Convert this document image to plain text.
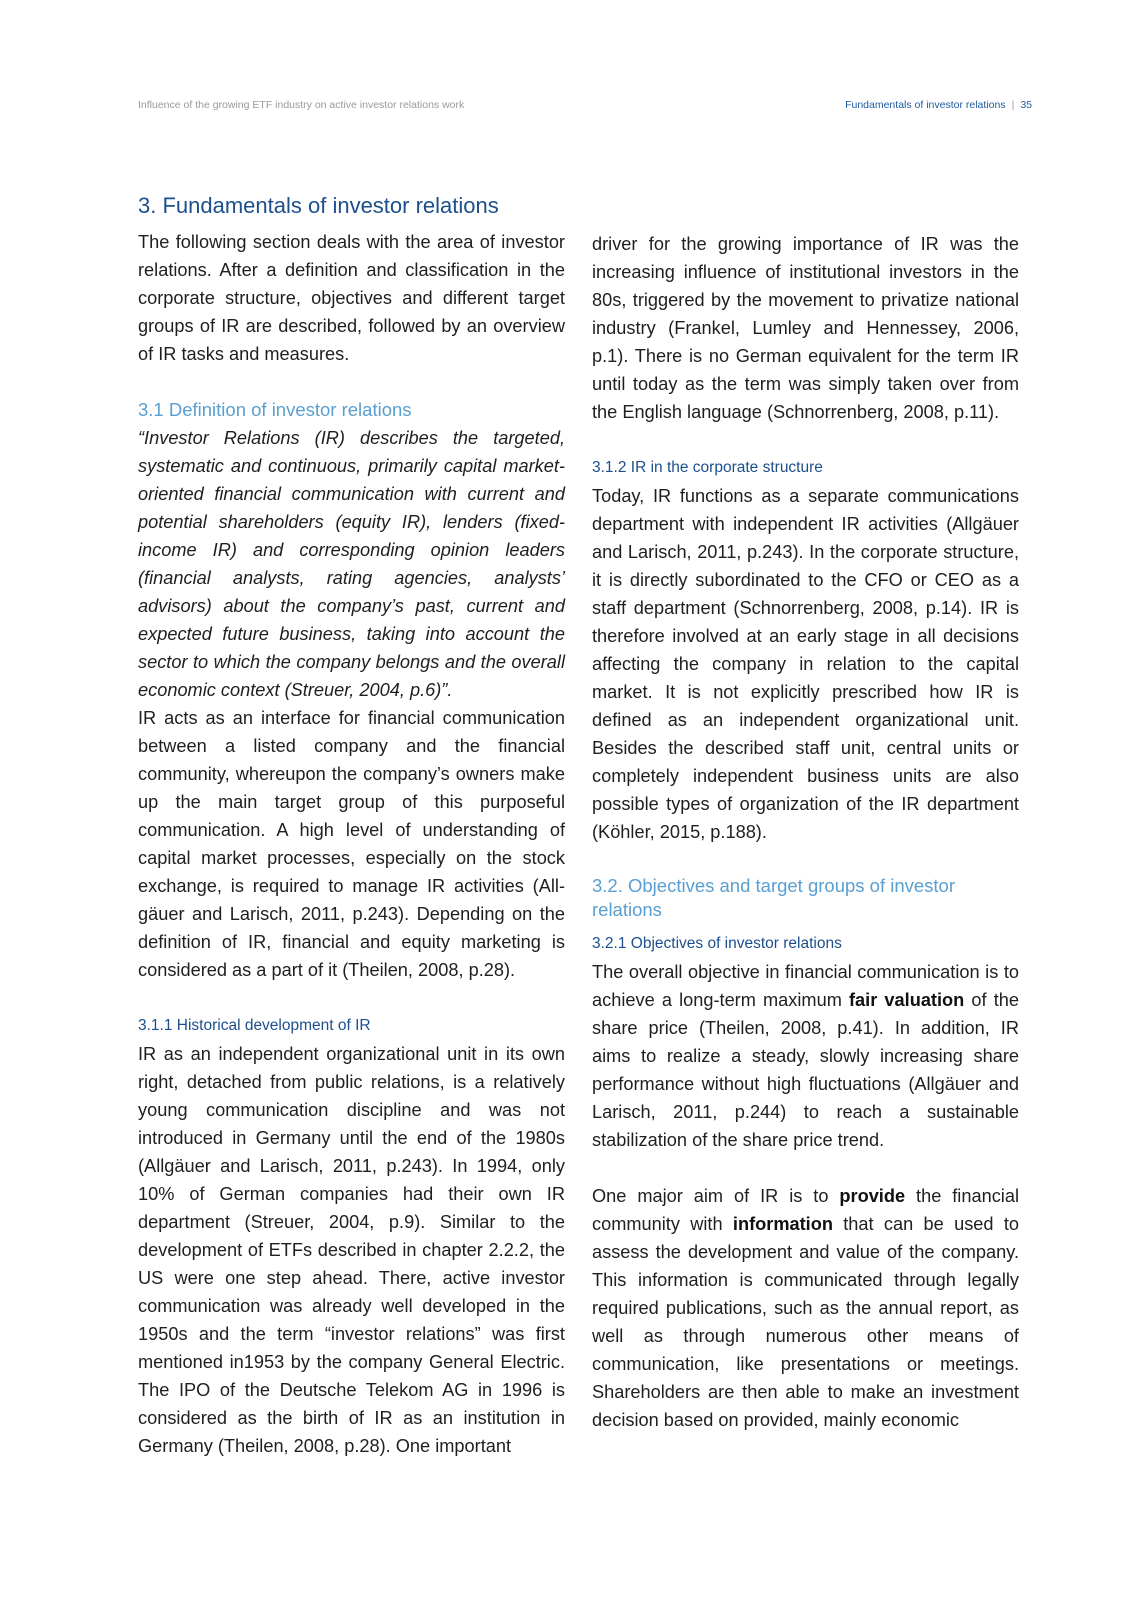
Influence of the growing ETF industry on active investor relations work	Fundamentals of investor relations | 35
3. Fundamentals of investor relations

The following section deals with the area of investor relations. After a definition and classification in the corporate structure, objectives and different target groups of IR are described, followed by an overview of IR tasks and measures.

3.1 Definition of investor relations

“Investor Relations (IR) describes the targeted, systematic and continuous, primarily capital market-oriented financial communication with current and potential shareholders (equity IR), lenders (fixed-income IR) and corresponding opinion leaders (financial analysts, rating agencies, analysts’ advisors) about the company’s past, current and expected future business, taking into account the sector to which the company belongs and the overall economic context (Streuer, 2004, p.6)”.

IR acts as an interface for financial communication between a listed company and the financial community, whereupon the company’s owners make up the main target group of this purposeful communication. A high level of understanding of capital market processes, especially on the stock exchange, is required to manage IR activities (Allgäuer and Larisch, 2011, p.243). Depending on the definition of IR, financial and equity marketing is considered as a part of it (Theilen, 2008, p.28).

3.1.1 Historical development of IR

IR as an independent organizational unit in its own right, detached from public relations, is a relatively young communication discipline and was not introduced in Germany until the end of the 1980s (Allgäuer and Larisch, 2011, p.243). In 1994, only 10% of German companies had their own IR department (Streuer, 2004, p.9). Similar to the development of ETFs described in chapter 2.2.2, the US were one step ahead. There, active investor communication was already well developed in the 1950s and the term “investor relations” was first mentioned in1953 by the company General Electric. The IPO of the Deutsche Telekom AG in 1996 is considered as the birth of IR as an institution in Germany (Theilen, 2008, p.28). One important

driver for the growing importance of IR was the increasing influence of institutional investors in the 80s, triggered by the movement to privatize national industry (Frankel, Lumley and Hennessey, 2006, p.1). There is no German equivalent for the term IR until today as the term was simply taken over from the English language (Schnorrenberg, 2008, p.11).

3.1.2 IR in the corporate structure

Today, IR functions as a separate communications department with independent IR activities (Allgäuer and Larisch, 2011, p.243). In the corporate structure, it is directly subordinated to the CFO or CEO as a staff department (Schnorrenberg, 2008, p.14). IR is therefore involved at an early stage in all decisions affecting the company in relation to the capital market. It is not explicitly prescribed how IR is defined as an independent organizational unit. Besides the described staff unit, central units or completely independent business units are also possible types of organization of the IR department (Köhler, 2015, p.188).

3.2. Objectives and target groups of investor relations
3.2.1 Objectives of investor relations

The overall objective in financial communication is to achieve a long-term maximum fair valuation of the share price (Theilen, 2008, p.41). In addition, IR aims to realize a steady, slowly increasing share performance without high fluctuations (Allgäuer and Larisch, 2011, p.244) to reach a sustainable stabilization of the share price trend.

One major aim of IR is to provide the financial community with information that can be used to assess the development and value of the company. This information is communicated through legally required publications, such as the annual report, as well as through numerous other means of communication, like presentations or meetings. Shareholders are then able to make an investment decision based on provided, mainly economic
